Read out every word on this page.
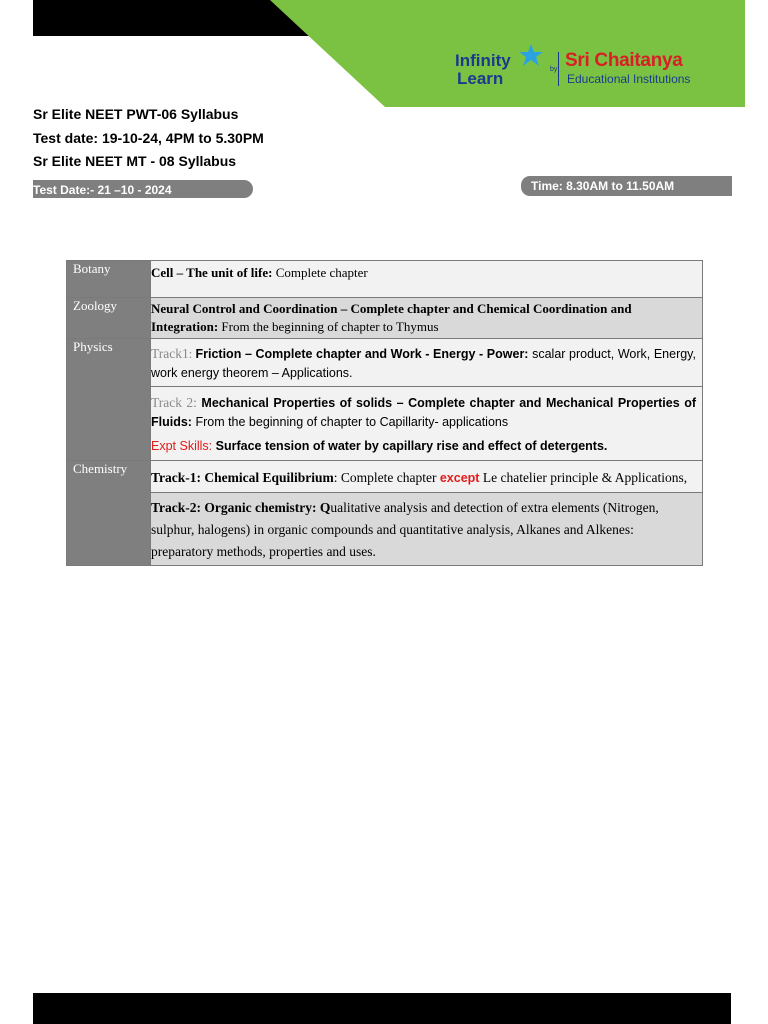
Infinity
Learn	by Sri Chaitanya
Educational Institutions
Sr Elite NEET PWT-06 Syllabus
Test date: 19-10-24, 4PM to 5.30PM
Sr Elite NEET MT - 08 Syllabus
Test Date:- 21 –10 - 2024	Time: 8.30AM to 11.50AM
Botany	Cell – The unit of life: Complete chapter

Zoology	Neural Control and Coordination – Complete chapter and Chemical Coordination and Integration: From the beginning of chapter to Thymus

Physics	Track1: Friction – Complete chapter and Work - Energy - Power: scalar product, Work, Energy, work energy theorem – Applications.

	Track 2: Mechanical Properties of solids – Complete chapter and Mechanical Properties of Fluids: From the beginning of chapter to Capillarity- applications

Expt Skills: Surface tension of water by capillary rise and effect of detergents.

Chemistry	Track-1: Chemical Equilibrium: Complete chapter except Le chatelier principle & Applications,

	Track-2: Organic chemistry: Qualitative analysis and detection of extra elements (Nitrogen, sulphur, halogens) in organic compounds and quantitative analysis, Alkanes and Alkenes: preparatory methods, properties and uses.
